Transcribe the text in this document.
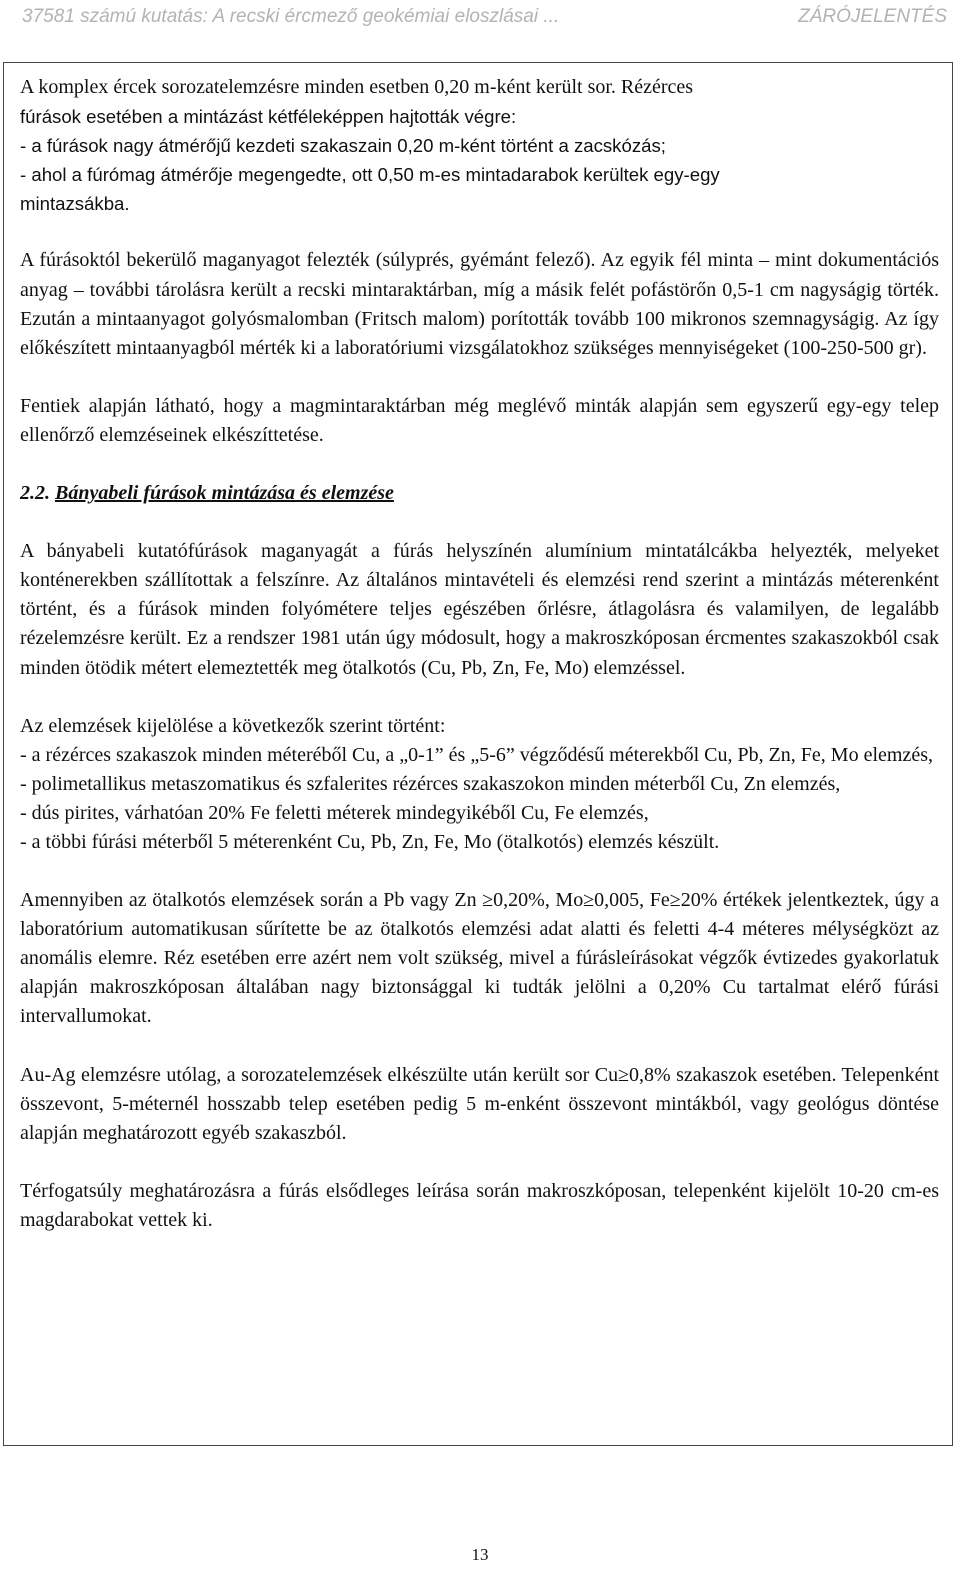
37581 számú kutatás: A recski ércmező geokémiai eloszlásai ...	ZÁRÓJELENTÉS

A komplex ércek sorozatelemzésre minden esetben 0,20 m-ként került sor. Rézérces
fúrások esetében a mintázást kétféleképpen hajtották végre:
- a fúrások nagy átmérőjű kezdeti szakaszain 0,20 m-ként történt a zacskózás;
- ahol a fúrómag átmérője megengedte, ott 0,50 m-es mintadarabok kerültek egy-egy
mintazsákba.

A fúrásoktól bekerülő maganyagot felezték (súlyprés, gyémánt felező). Az egyik fél minta – mint dokumentációs anyag – további tárolásra került a recski mintaraktárban, míg a másik felét pofástörőn 0,5-1 cm nagyságig törték. Ezután a mintaanyagot golyósmalomban (Fritsch malom) porították tovább 100 mikronos szemnagyságig. Az így előkészített mintaanyagból mérték ki a laboratóriumi vizsgálatokhoz szükséges mennyiségeket (100-250-500 gr).

Fentiek alapján látható, hogy a magmintaraktárban még meglévő minták alapján sem egyszerű egy-egy telep ellenőrző elemzéseinek elkészíttetése.

2.2. Bányabeli fúrások mintázása és elemzése

A bányabeli kutatófúrások maganyagát a fúrás helyszínén alumínium mintatálcákba helyezték, melyeket konténerekben szállítottak a felszínre. Az általános mintavételi és elemzési rend szerint a mintázás méterenként történt, és a fúrások minden folyómétere teljes egészében őrlésre, átlagolásra és valamilyen, de legalább rézelemzésre került. Ez a rendszer 1981 után úgy módosult, hogy a makroszkóposan ércmentes szakaszokból csak minden ötödik métert elemeztették meg ötalkotós (Cu, Pb, Zn, Fe, Mo) elemzéssel.

Az elemzések kijelölése a következők szerint történt:
- a rézérces szakaszok minden méteréből Cu, a „0-1” és „5-6” végződésű méterekből Cu, Pb, Zn, Fe, Mo elemzés,
- polimetallikus metaszomatikus és szfalerites rézérces szakaszokon minden méterből Cu, Zn elemzés,
- dús pirites, várhatóan 20% Fe feletti méterek mindegyikéből Cu, Fe elemzés,
- a többi fúrási méterből 5 méterenként Cu, Pb, Zn, Fe, Mo (ötalkotós) elemzés készült.

Amennyiben az ötalkotós elemzések során a Pb vagy Zn ≥0,20%, Mo≥0,005, Fe≥20% értékek jelentkeztek, úgy a laboratórium automatikusan sűrítette be az ötalkotós elemzési adat alatti és feletti 4-4 méteres mélységközt az anomális elemre. Réz esetében erre azért nem volt szükség, mivel a fúrásleírásokat végzők évtizedes gyakorlatuk alapján makroszkóposan általában nagy biztonsággal ki tudták jelölni a 0,20% Cu tartalmat elérő fúrási intervallumokat.

Au-Ag elemzésre utólag, a sorozatelemzések elkészülte után került sor Cu≥0,8% szakaszok esetében. Telepenként összevont, 5-méternél hosszabb telep esetében pedig 5 m-enként összevont mintákból, vagy geológus döntése alapján meghatározott egyéb szakaszból.

Térfogatsúly meghatározásra a fúrás elsődleges leírása során makroszkóposan, telepenként kijelölt 10-20 cm-es magdarabokat vettek ki.

13
